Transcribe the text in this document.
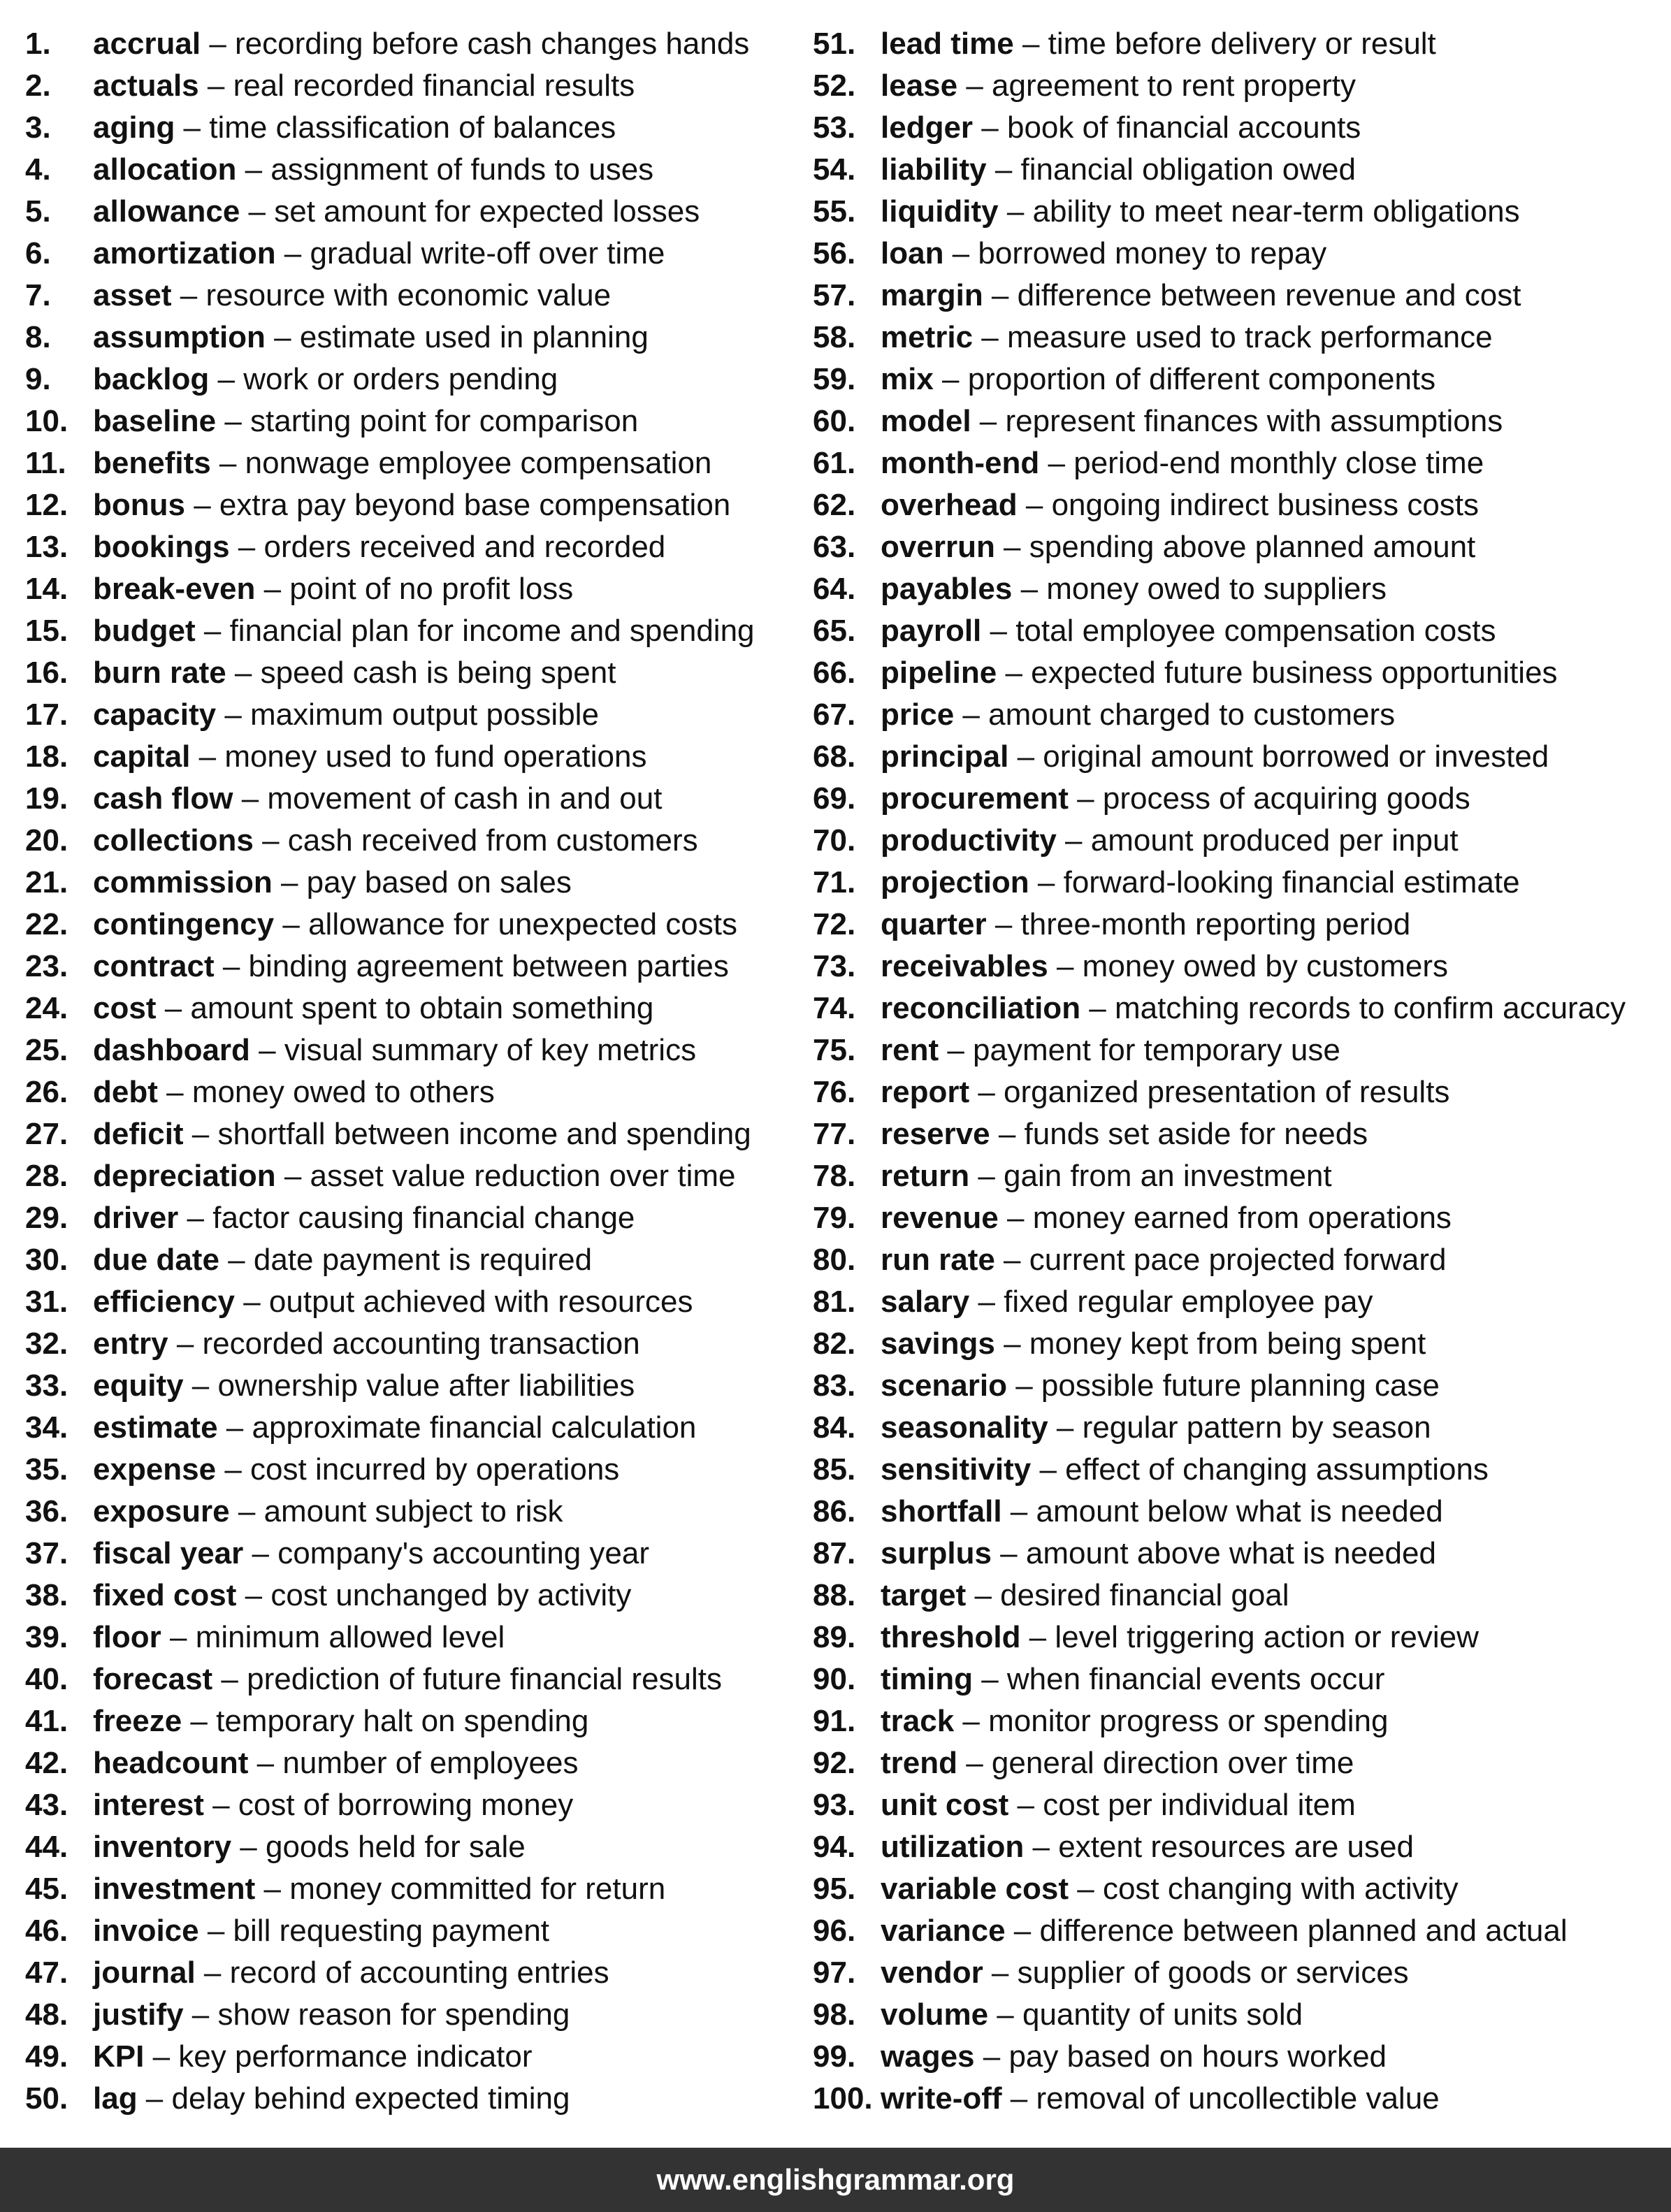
1. accrual – recording before cash changes hands
2. actuals – real recorded financial results
3. aging – time classification of balances
4. allocation – assignment of funds to uses
5. allowance – set amount for expected losses
6. amortization – gradual write-off over time
7. asset – resource with economic value
8. assumption – estimate used in planning
9. backlog – work or orders pending
10. baseline – starting point for comparison
11. benefits – nonwage employee compensation
12. bonus – extra pay beyond base compensation
13. bookings – orders received and recorded
14. break-even – point of no profit loss
15. budget – financial plan for income and spending
16. burn rate – speed cash is being spent
17. capacity – maximum output possible
18. capital – money used to fund operations
19. cash flow – movement of cash in and out
20. collections – cash received from customers
21. commission – pay based on sales
22. contingency – allowance for unexpected costs
23. contract – binding agreement between parties
24. cost – amount spent to obtain something
25. dashboard – visual summary of key metrics
26. debt – money owed to others
27. deficit – shortfall between income and spending
28. depreciation – asset value reduction over time
29. driver – factor causing financial change
30. due date – date payment is required
31. efficiency – output achieved with resources
32. entry – recorded accounting transaction
33. equity – ownership value after liabilities
34. estimate – approximate financial calculation
35. expense – cost incurred by operations
36. exposure – amount subject to risk
37. fiscal year – company's accounting year
38. fixed cost – cost unchanged by activity
39. floor – minimum allowed level
40. forecast – prediction of future financial results
41. freeze – temporary halt on spending
42. headcount – number of employees
43. interest – cost of borrowing money
44. inventory – goods held for sale
45. investment – money committed for return
46. invoice – bill requesting payment
47. journal – record of accounting entries
48. justify – show reason for spending
49. KPI – key performance indicator
50. lag – delay behind expected timing
51. lead time – time before delivery or result
52. lease – agreement to rent property
53. ledger – book of financial accounts
54. liability – financial obligation owed
55. liquidity – ability to meet near-term obligations
56. loan – borrowed money to repay
57. margin – difference between revenue and cost
58. metric – measure used to track performance
59. mix – proportion of different components
60. model – represent finances with assumptions
61. month-end – period-end monthly close time
62. overhead – ongoing indirect business costs
63. overrun – spending above planned amount
64. payables – money owed to suppliers
65. payroll – total employee compensation costs
66. pipeline – expected future business opportunities
67. price – amount charged to customers
68. principal – original amount borrowed or invested
69. procurement – process of acquiring goods
70. productivity – amount produced per input
71. projection – forward-looking financial estimate
72. quarter – three-month reporting period
73. receivables – money owed by customers
74. reconciliation – matching records to confirm accuracy
75. rent – payment for temporary use
76. report – organized presentation of results
77. reserve – funds set aside for needs
78. return – gain from an investment
79. revenue – money earned from operations
80. run rate – current pace projected forward
81. salary – fixed regular employee pay
82. savings – money kept from being spent
83. scenario – possible future planning case
84. seasonality – regular pattern by season
85. sensitivity – effect of changing assumptions
86. shortfall – amount below what is needed
87. surplus – amount above what is needed
88. target – desired financial goal
89. threshold – level triggering action or review
90. timing – when financial events occur
91. track – monitor progress or spending
92. trend – general direction over time
93. unit cost – cost per individual item
94. utilization – extent resources are used
95. variable cost – cost changing with activity
96. variance – difference between planned and actual
97. vendor – supplier of goods or services
98. volume – quantity of units sold
99. wages – pay based on hours worked
100. write-off – removal of uncollectible value
www.englishgrammar.org
